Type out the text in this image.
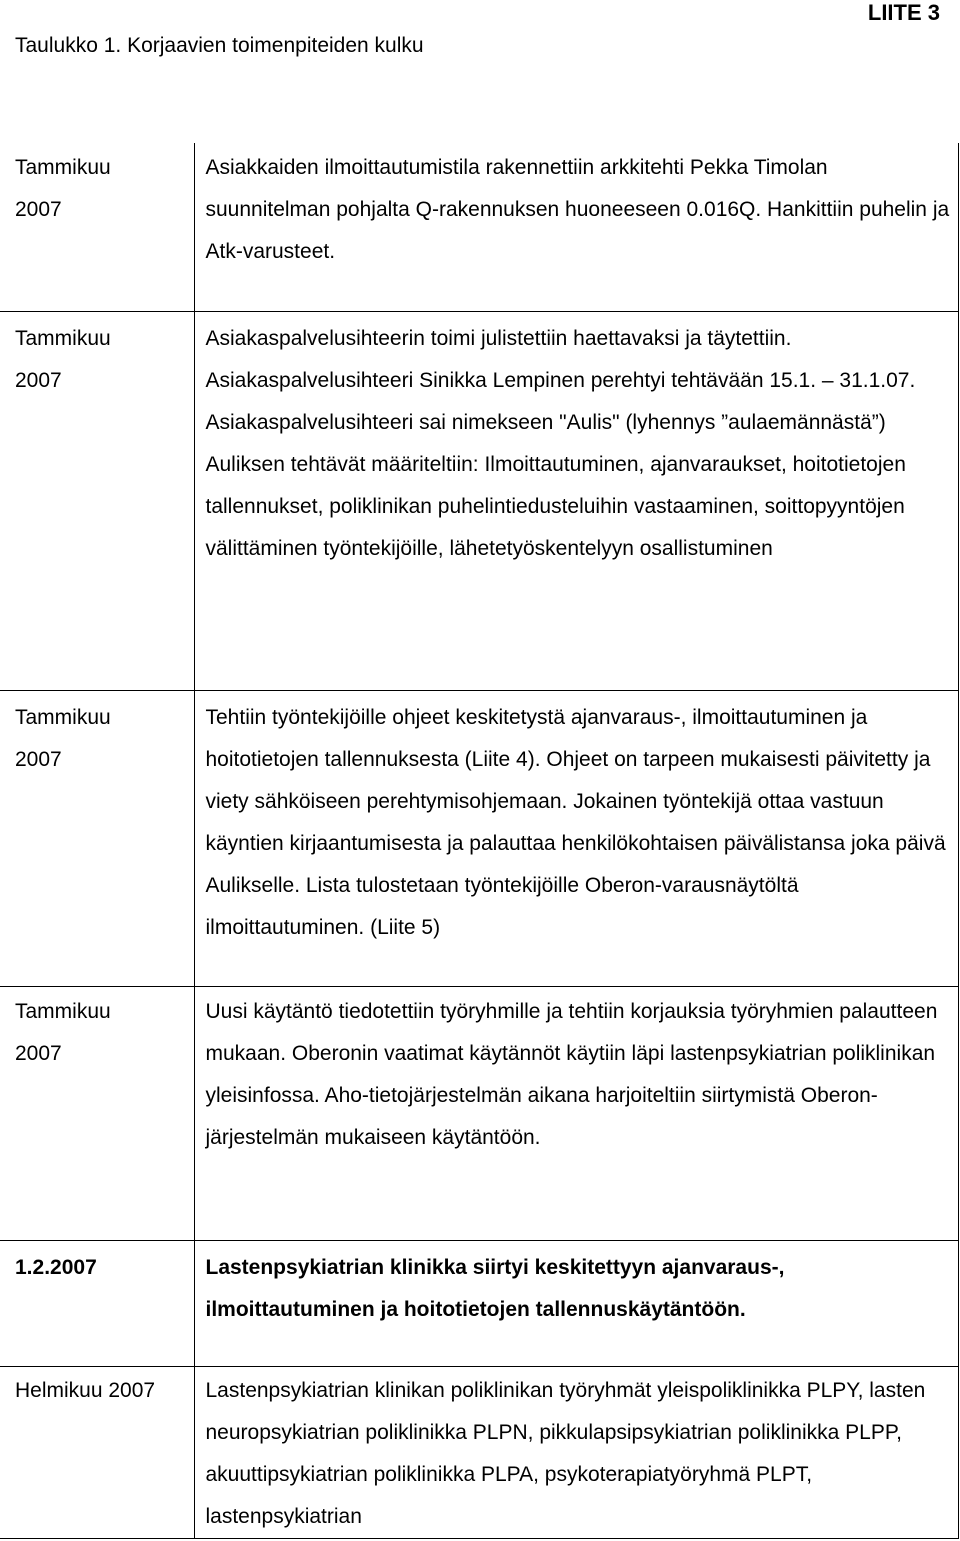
LIITE 3
Taulukko 1. Korjaavien toimenpiteiden kulku
Tammikuu 2007	Asiakkaiden ilmoittautumistila rakennettiin arkkitehti Pekka Timolan suunnitelman pohjalta Q-rakennuksen huoneeseen 0.016Q. Hankittiin puhelin ja Atk-varusteet.

Tammikuu 2007	Asiakaspalvelusihteerin toimi julistettiin haettavaksi ja täytettiin. Asiakaspalvelusihteeri Sinikka Lempinen perehtyi tehtävään 15.1. – 31.1.07. Asiakaspalvelusihteeri sai nimekseen "Aulis" (lyhennys ”aulaemännästä”) Auliksen tehtävät määriteltiin: Ilmoittautuminen, ajanvaraukset, hoitotietojen tallennukset, poliklinikan puhelintiedusteluihin vastaaminen, soittopyyntöjen välittäminen työntekijöille, lähetetyöskentelyyn osallistuminen

Tammikuu 2007	Tehtiin työntekijöille ohjeet keskitetystä ajanvaraus-, ilmoittautuminen ja hoitotietojen tallennuksesta (Liite 4). Ohjeet on tarpeen mukaisesti päivitetty ja viety sähköiseen perehtymisohjemaan. Jokainen työntekijä ottaa vastuun käyntien kirjaantumisesta ja palauttaa henkilökohtaisen päivälistansa joka päivä Aulikselle. Lista tulostetaan työntekijöille Oberon-varausnäytöltä ilmoittautuminen. (Liite 5)

Tammikuu 2007	Uusi käytäntö tiedotettiin työryhmille ja tehtiin korjauksia työryhmien palautteen mukaan. Oberonin vaatimat käytännöt käytiin läpi lastenpsykiatrian poliklinikan yleisinfossa. Aho-tietojärjestelmän aikana harjoiteltiin siirtymistä Oberon-järjestelmän mukaiseen käytäntöön.

1.2.2007	Lastenpsykiatrian klinikka siirtyi keskitettyyn ajanvaraus-, ilmoittautuminen ja hoitotietojen tallennuskäytäntöön.

Helmikuu 2007	Lastenpsykiatrian klinikan poliklinikan työryhmät yleispoliklinikka PLPY, lasten neuropsykiatrian poliklinikka PLPN, pikkulapsipsykiatrian poliklinikka PLPP, akuuttipsykiatrian poliklinikka PLPA, psykoterapiatyöryhmä PLPT, lastenpsykiatrian
